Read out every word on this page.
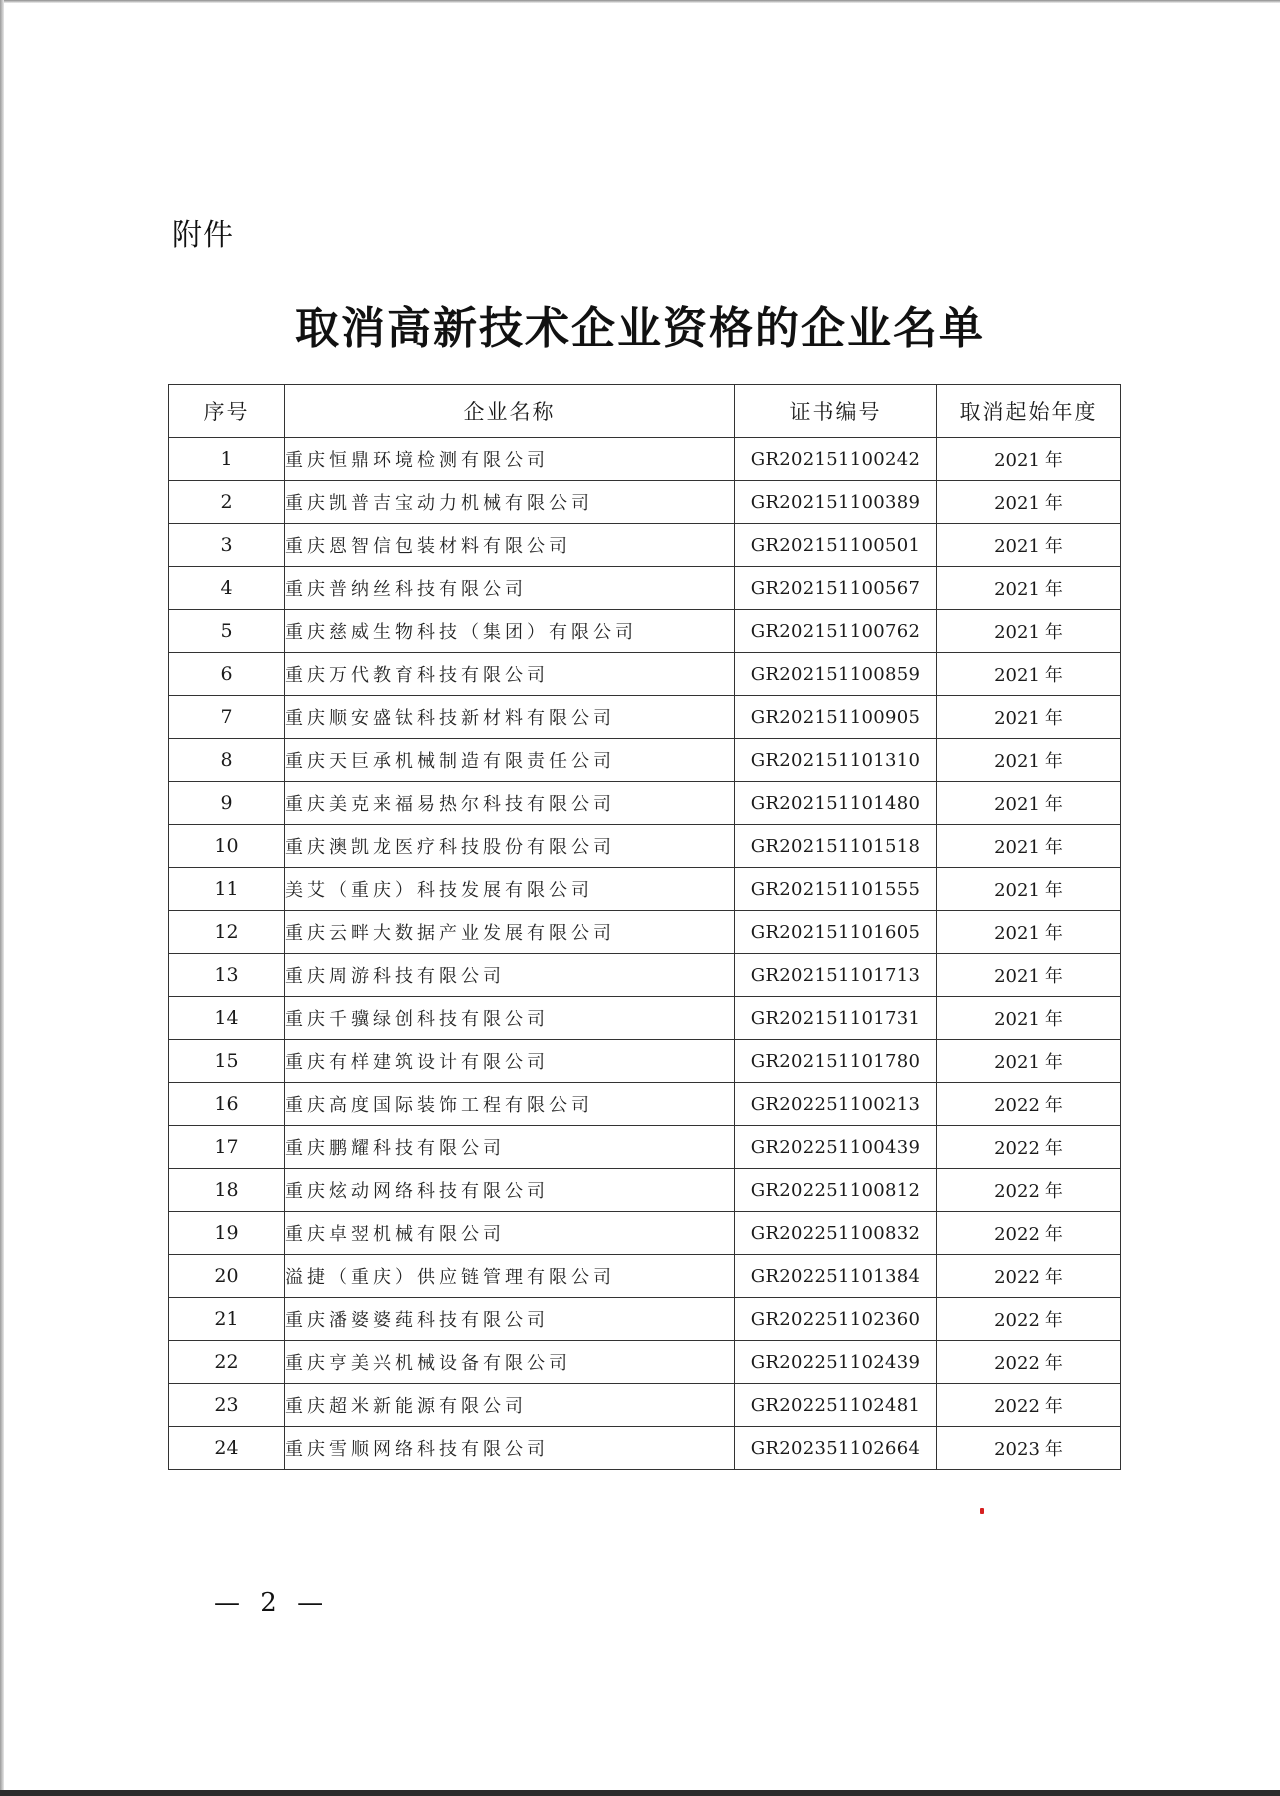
附件
取消高新技术企业资格的企业名单
序号	企业名称	证书编号	取消起始年度
1	重庆恒鼎环境检测有限公司	GR202151100242	2021 年
2	重庆凯普吉宝动力机械有限公司	GR202151100389	2021 年
3	重庆恩智信包装材料有限公司	GR202151100501	2021 年
4	重庆普纳丝科技有限公司	GR202151100567	2021 年
5	重庆慈威生物科技（集团）有限公司	GR202151100762	2021 年
6	重庆万代教育科技有限公司	GR202151100859	2021 年
7	重庆顺安盛钛科技新材料有限公司	GR202151100905	2021 年
8	重庆天巨承机械制造有限责任公司	GR202151101310	2021 年
9	重庆美克来福易热尔科技有限公司	GR202151101480	2021 年
10	重庆澳凯龙医疗科技股份有限公司	GR202151101518	2021 年
11	美艾（重庆）科技发展有限公司	GR202151101555	2021 年
12	重庆云畔大数据产业发展有限公司	GR202151101605	2021 年
13	重庆周游科技有限公司	GR202151101713	2021 年
14	重庆千骥绿创科技有限公司	GR202151101731	2021 年
15	重庆有样建筑设计有限公司	GR202151101780	2021 年
16	重庆高度国际装饰工程有限公司	GR202251100213	2022 年
17	重庆鹏耀科技有限公司	GR202251100439	2022 年
18	重庆炫动网络科技有限公司	GR202251100812	2022 年
19	重庆卓翌机械有限公司	GR202251100832	2022 年
20	溢捷（重庆）供应链管理有限公司	GR202251101384	2022 年
21	重庆潘婆婆莼科技有限公司	GR202251102360	2022 年
22	重庆亨美兴机械设备有限公司	GR202251102439	2022 年
23	重庆超米新能源有限公司	GR202251102481	2022 年
24	重庆雪顺网络科技有限公司	GR202351102664	2023 年
— 2 —
